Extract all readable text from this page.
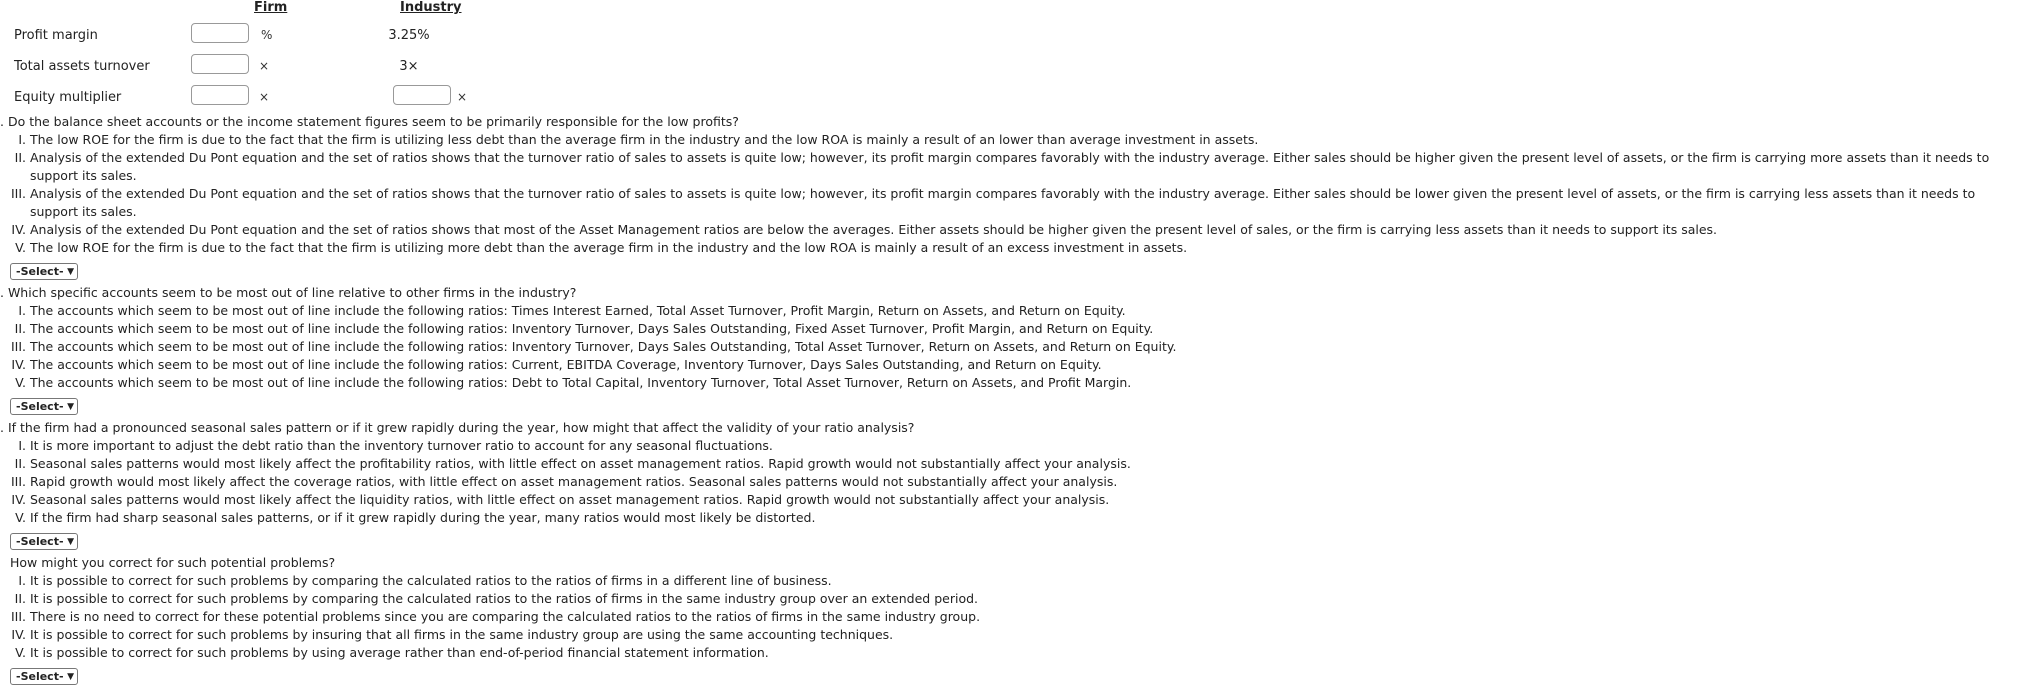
Firm	Industry
Profit margin	%	3.25%
Total assets turnover	×	3×
Equity multiplier	×	×
. Do the balance sheet accounts or the income statement figures seem to be primarily responsible for the low profits?
I. The low ROE for the firm is due to the fact that the firm is utilizing less debt than the average firm in the industry and the low ROA is mainly a result of an lower than average investment in assets.
II. Analysis of the extended Du Pont equation and the set of ratios shows that the turnover ratio of sales to assets is quite low; however, its profit margin compares favorably with the industry average. Either sales should be higher given the present level of assets, or the firm is carrying more assets than it needs to support its sales.
III. Analysis of the extended Du Pont equation and the set of ratios shows that the turnover ratio of sales to assets is quite low; however, its profit margin compares favorably with the industry average. Either sales should be lower given the present level of assets, or the firm is carrying less assets than it needs to support its sales.
IV. Analysis of the extended Du Pont equation and the set of ratios shows that most of the Asset Management ratios are below the averages. Either assets should be higher given the present level of sales, or the firm is carrying less assets than it needs to support its sales.
V. The low ROE for the firm is due to the fact that the firm is utilizing more debt than the average firm in the industry and the low ROA is mainly a result of an excess investment in assets.
-Select- ▼
. Which specific accounts seem to be most out of line relative to other firms in the industry?
I. The accounts which seem to be most out of line include the following ratios: Times Interest Earned, Total Asset Turnover, Profit Margin, Return on Assets, and Return on Equity.
II. The accounts which seem to be most out of line include the following ratios: Inventory Turnover, Days Sales Outstanding, Fixed Asset Turnover, Profit Margin, and Return on Equity.
III. The accounts which seem to be most out of line include the following ratios: Inventory Turnover, Days Sales Outstanding, Total Asset Turnover, Return on Assets, and Return on Equity.
IV. The accounts which seem to be most out of line include the following ratios: Current, EBITDA Coverage, Inventory Turnover, Days Sales Outstanding, and Return on Equity.
V. The accounts which seem to be most out of line include the following ratios: Debt to Total Capital, Inventory Turnover, Total Asset Turnover, Return on Assets, and Profit Margin.
-Select- ▼
. If the firm had a pronounced seasonal sales pattern or if it grew rapidly during the year, how might that affect the validity of your ratio analysis?
I. It is more important to adjust the debt ratio than the inventory turnover ratio to account for any seasonal fluctuations.
II. Seasonal sales patterns would most likely affect the profitability ratios, with little effect on asset management ratios. Rapid growth would not substantially affect your analysis.
III. Rapid growth would most likely affect the coverage ratios, with little effect on asset management ratios. Seasonal sales patterns would not substantially affect your analysis.
IV. Seasonal sales patterns would most likely affect the liquidity ratios, with little effect on asset management ratios. Rapid growth would not substantially affect your analysis.
V. If the firm had sharp seasonal sales patterns, or if it grew rapidly during the year, many ratios would most likely be distorted.
-Select- ▼
How might you correct for such potential problems?
I. It is possible to correct for such problems by comparing the calculated ratios to the ratios of firms in a different line of business.
II. It is possible to correct for such problems by comparing the calculated ratios to the ratios of firms in the same industry group over an extended period.
III. There is no need to correct for these potential problems since you are comparing the calculated ratios to the ratios of firms in the same industry group.
IV. It is possible to correct for such problems by insuring that all firms in the same industry group are using the same accounting techniques.
V. It is possible to correct for such problems by using average rather than end-of-period financial statement information.
-Select- ▼
